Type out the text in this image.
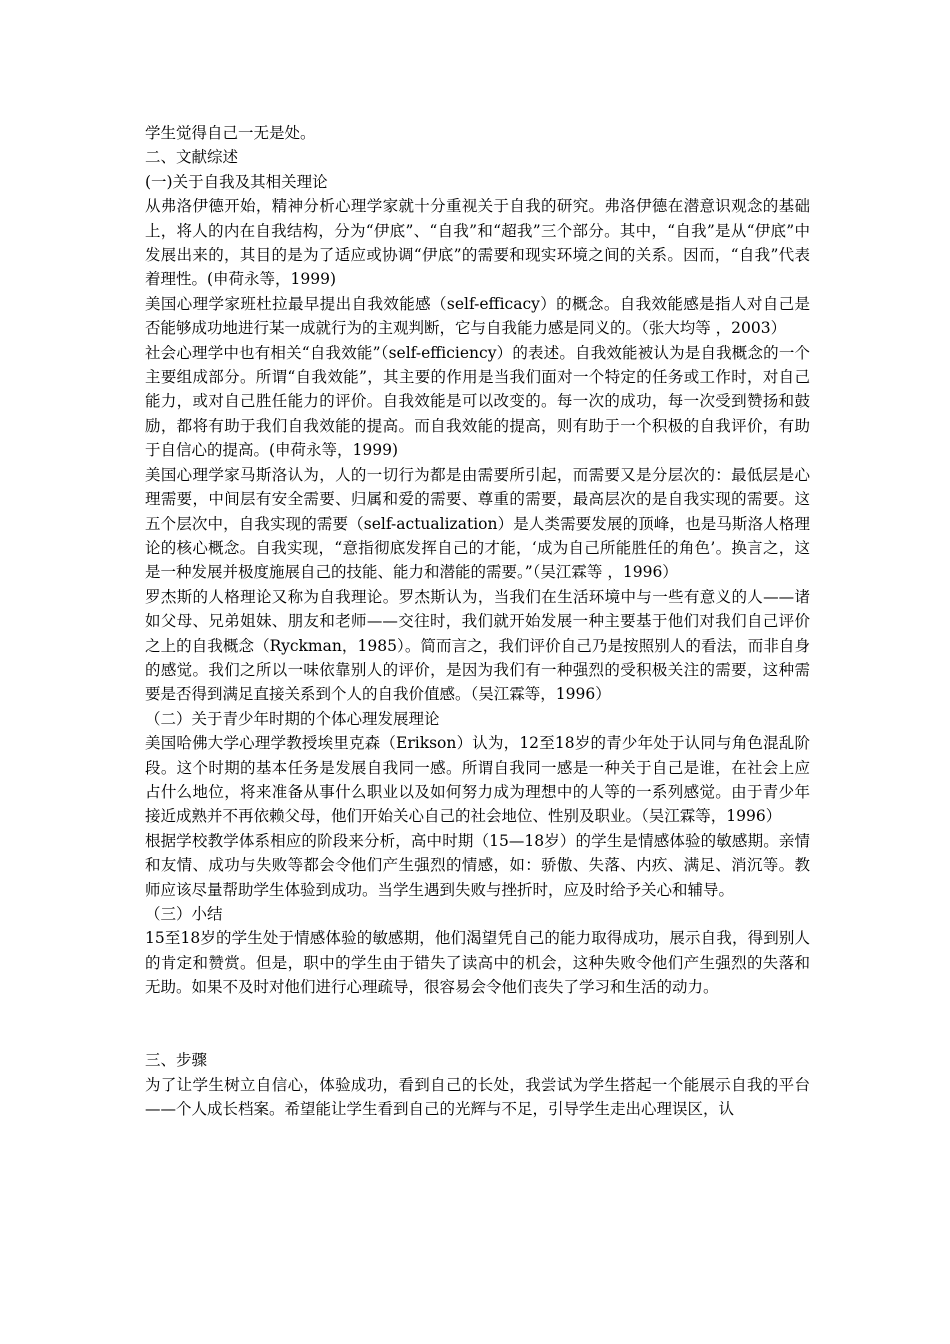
学生觉得自己一无是处。

二、文献综述

(一)关于自我及其相关理论

从弗洛伊德开始，精神分析心理学家就十分重视关于自我的研究。弗洛伊德在潜意识观念的基础上，将人的内在自我结构，分为“伊底”、“自我”和“超我”三个部分。其中，“自我”是从“伊底”中发展出来的，其目的是为了适应或协调“伊底”的需要和现实环境之间的关系。因而，“自我”代表着理性。(申荷永等，1999)

美国心理学家班杜拉最早提出自我效能感（self-efficacy）的概念。自我效能感是指人对自己是否能够成功地进行某一成就行为的主观判断，它与自我能力感是同义的。（张大均等 ，2003）

社会心理学中也有相关“自我效能”（self-efficiency）的表述。自我效能被认为是自我概念的一个主要组成部分。所谓“自我效能”，其主要的作用是当我们面对一个特定的任务或工作时，对自己能力，或对自己胜任能力的评价。自我效能是可以改变的。每一次的成功，每一次受到赞扬和鼓励，都将有助于我们自我效能的提高。而自我效能的提高，则有助于一个积极的自我评价，有助于自信心的提高。(申荷永等，1999)

美国心理学家马斯洛认为，人的一切行为都是由需要所引起，而需要又是分层次的：最低层是心理需要，中间层有安全需要、归属和爱的需要、尊重的需要，最高层次的是自我实现的需要。这五个层次中，自我实现的需要（self-actualization）是人类需要发展的顶峰，也是马斯洛人格理论的核心概念。自我实现，“意指彻底发挥自己的才能，‘成为自己所能胜任的角色’。换言之，这是一种发展并极度施展自己的技能、能力和潜能的需要。”（吴江霖等 ，1996）

罗杰斯的人格理论又称为自我理论。罗杰斯认为，当我们在生活环境中与一些有意义的人——诸如父母、兄弟姐妹、朋友和老师——交往时，我们就开始发展一种主要基于他们对我们自己评价之上的自我概念（Ryckman，1985）。简而言之，我们评价自己乃是按照别人的看法，而非自身的感觉。我们之所以一味依靠别人的评价，是因为我们有一种强烈的受积极关注的需要，这种需要是否得到满足直接关系到个人的自我价值感。（吴江霖等，1996）

（二）关于青少年时期的个体心理发展理论

美国哈佛大学心理学教授埃里克森（Erikson）认为，12至18岁的青少年处于认同与角色混乱阶段。这个时期的基本任务是发展自我同一感。所谓自我同一感是一种关于自己是谁，在社会上应占什么地位，将来准备从事什么职业以及如何努力成为理想中的人等的一系列感觉。由于青少年接近成熟并不再依赖父母，他们开始关心自己的社会地位、性别及职业。（吴江霖等，1996）

根据学校教学体系相应的阶段来分析，高中时期（15—18岁）的学生是情感体验的敏感期。亲情和友情、成功与失败等都会令他们产生强烈的情感，如：骄傲、失落、内疚、满足、消沉等。教师应该尽量帮助学生体验到成功。当学生遇到失败与挫折时，应及时给予关心和辅导。

（三）小结

15至18岁的学生处于情感体验的敏感期，他们渴望凭自己的能力取得成功，展示自我，得到别人的肯定和赞赏。但是，职中的学生由于错失了读高中的机会，这种失败令他们产生强烈的失落和无助。如果不及时对他们进行心理疏导，很容易会令他们丧失了学习和生活的动力。

三、步骤

为了让学生树立自信心，体验成功，看到自己的长处，我尝试为学生搭起一个能展示自我的平台——个人成长档案。希望能让学生看到自己的光辉与不足，引导学生走出心理误区，认
